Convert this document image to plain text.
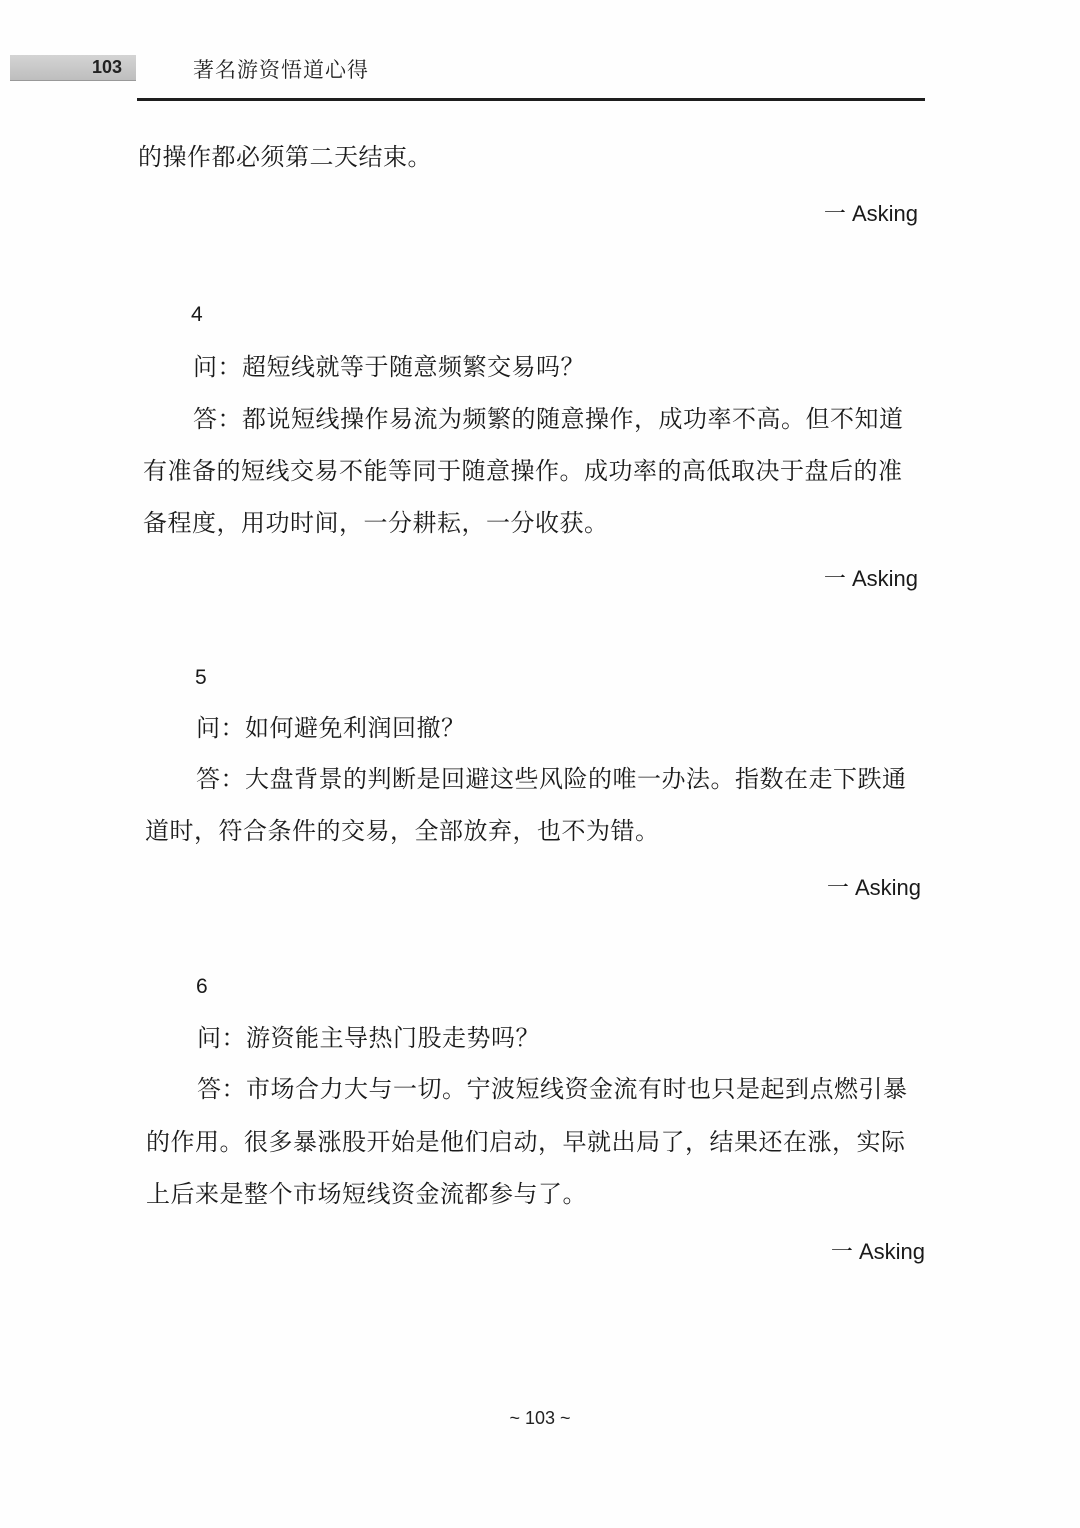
103	著名游资悟道心得
的操作都必须第二天结束。
一 Asking
4
问：超短线就等于随意频繁交易吗？
答：都说短线操作易流为频繁的随意操作，成功率不高。但不知道
有准备的短线交易不能等同于随意操作。成功率的高低取决于盘后的准
备程度，用功时间，一分耕耘，一分收获。
一 Asking
5
问：如何避免利润回撤？
答：大盘背景的判断是回避这些风险的唯一办法。指数在走下跌通
道时，符合条件的交易，全部放弃，也不为错。
一 Asking
6
问：游资能主导热门股走势吗？
答：市场合力大与一切。宁波短线资金流有时也只是起到点燃引暴
的作用。很多暴涨股开始是他们启动，早就出局了，结果还在涨，实际
上后来是整个市场短线资金流都参与了。
一 Asking
~ 103 ~
